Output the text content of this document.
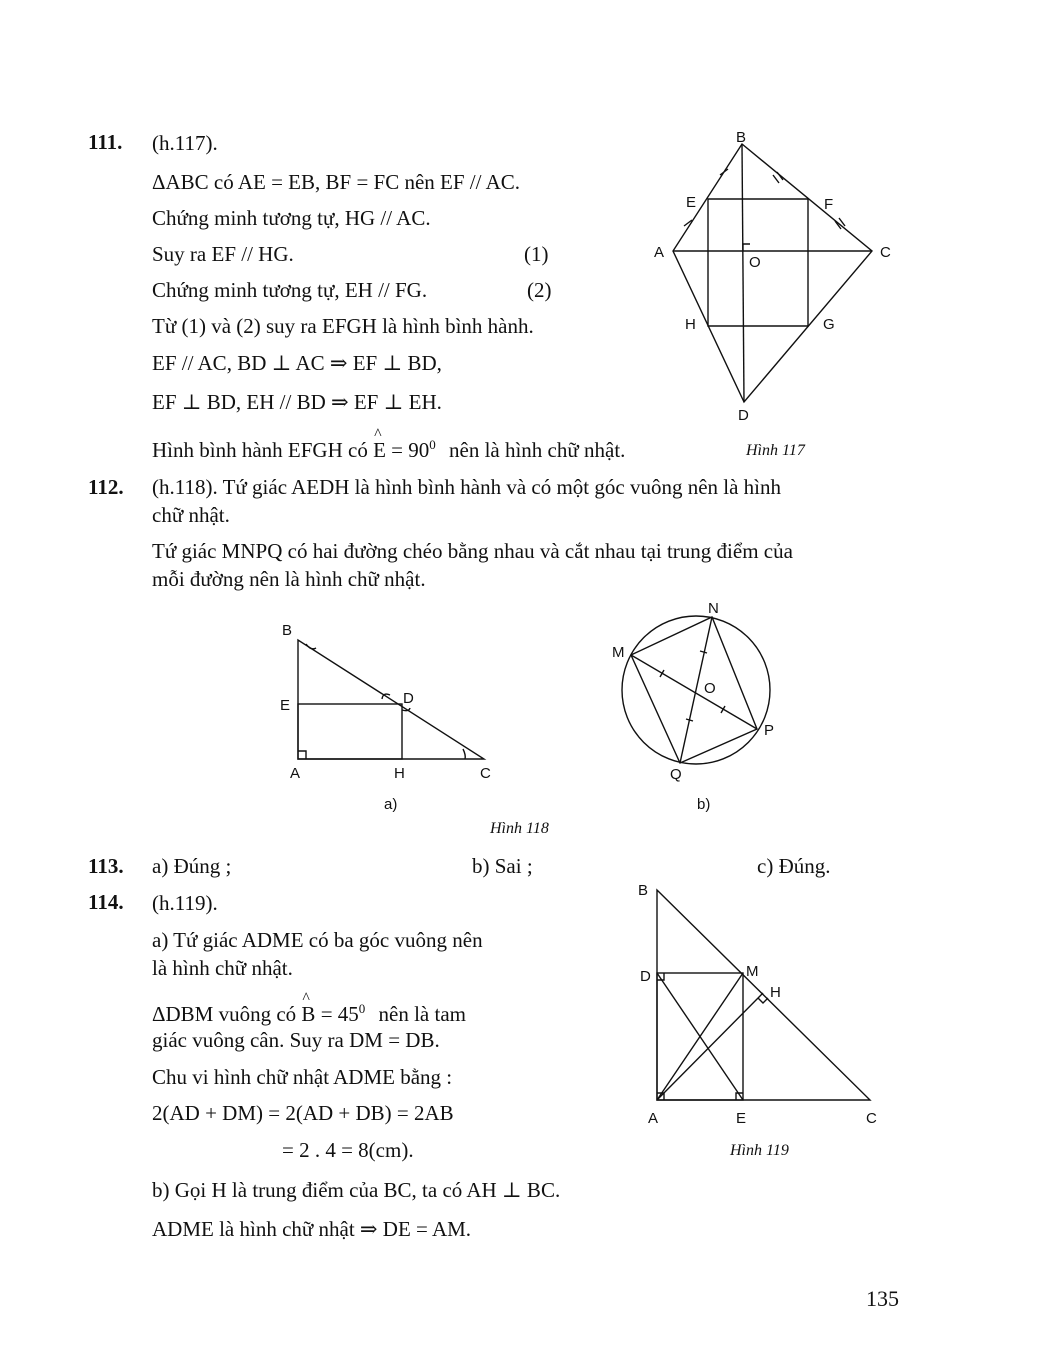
111. (h.117).
ΔABC có AE = EB, BF = FC nên EF // AC.
Chứng minh tương tự, HG // AC.
Suy ra EF // HG.	(1)
Chứng minh tương tự, EH // FG.	(2)
Từ (1) và (2) suy ra EFGH là hình bình hành.
EF // AC, BD ⊥ AC ⇒ EF ⊥ BD,
EF ⊥ BD, EH // BD ⇒ EF ⊥ EH.
Hình bình hành EFGH có ^ $E = 90^0$ nên là hình chữ nhật.
B
E	F
A
O
C
H	G
D
Hình 117
112. (h.118). Tứ giác AEDH là hình bình hành và có một góc vuông nên là hình
chữ nhật.
Tứ giác MNPQ có hai đường chéo bằng nhau và cắt nhau tại trung điểm của
mỗi đường nên là hình chữ nhật.
B
E	D
A	H	C
a)
N
M
O
P
Q
b)
Hình 118
113. a) Đúng ;	b) Sai ;	c) Đúng.
114. (h.119).
a) Tứ giác ADME có ba góc vuông nên
là hình chữ nhật.
ΔDBM vuông có ^ $B = 45^0$ nên là tam
giác vuông cân. Suy ra DM = DB.
Chu vi hình chữ nhật ADME bằng :
2(AD + DM) = 2(AD + DB) = 2AB
= 2 . 4 = 8(cm).
b) Gọi H là trung điểm của BC, ta có AH ⊥ BC.
ADME là hình chữ nhật ⇒ DE = AM.
B
D	M
H
A	E	C
Hình 119
135
